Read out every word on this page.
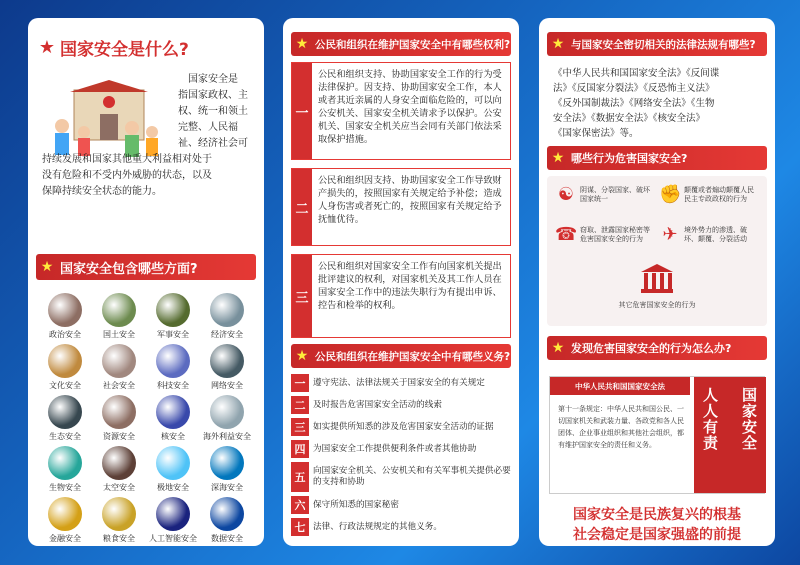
★ 国家安全是什么?
国家安全是
指国家政权、主
权、统一和领土
完整、人民福
祉、经济社会可
持续发展和国家其他重大利益相对处于
没有危险和不受内外威胁的状态，以及
保障持续安全状态的能力。
★ 国家安全包含哪些方面?
政治安全	国土安全	军事安全	经济安全
文化安全	社会安全	科技安全	网络安全
生态安全	资源安全	核安全 海外利益安全
生物安全	太空安全	极地安全	深海安全
金融安全	粮食安全 人工智能安全 数据安全
★ 公民和组织在维护国家安全中有哪些权利?
一
公民和组织支持、协助国家安全工作的行为受法律保护。因支持、协助国家安全工作，本人或者其近亲属的人身安全面临危险的，可以向公安机关、国家安全机关请求予以保护。公安机关、国家安全机关应当会同有关部门依法采取保护措施。
二
公民和组织因支持、协助国家安全工作导致财产损失的，按照国家有关规定给予补偿；造成人身伤害或者死亡的，按照国家有关规定给予抚恤优待。
三
公民和组织对国家安全工作有向国家机关提出批评建议的权利，对国家机关及其工作人员在国家安全工作中的违法失职行为有提出申诉、控告和检举的权利。
★ 公民和组织在维护国家安全中有哪些义务?
一 遵守宪法、法律法规关于国家安全的有关规定
二 及时报告危害国家安全活动的线索
三 如实提供所知悉的涉及危害国家安全活动的证据
四 为国家安全工作提供便利条件或者其他协助
五 向国家安全机关、公安机关和有关军事机关提供必要的支持和协助
六 保守所知悉的国家秘密
七 法律、行政法规规定的其他义务。
★ 与国家安全密切相关的法律法规有哪些?
《中华人民共和国国家安全法》《反间谍
法》《反国家分裂法》《反恐怖主义法》
《反外国制裁法》《网络安全法》《生物
安全法》《数据安全法》《核安全法》
《国家保密法》等。
★ 哪些行为危害国家安全?
☯ 阴谋、分裂国家、破坏国家统一	✊ 颠覆或者煽动颠覆人民民主专政政权的行为
☎ 窃取、泄露国家秘密等危害国家安全的行为	✈ 境外势力的渗透、破坏、颠覆、分裂活动
其它危害国家安全的行为
★ 发现危害国家安全的行为怎么办?
中华人民共和国国家安全法
第十一条规定：中华人民共和国公民、一切国家机关和武装力量、各政党和各人民团体、企业事业组织和其他社会组织，都有维护国家安全的责任和义务。	国家安全
人人有责
国家安全是民族复兴的根基
社会稳定是国家强盛的前提
